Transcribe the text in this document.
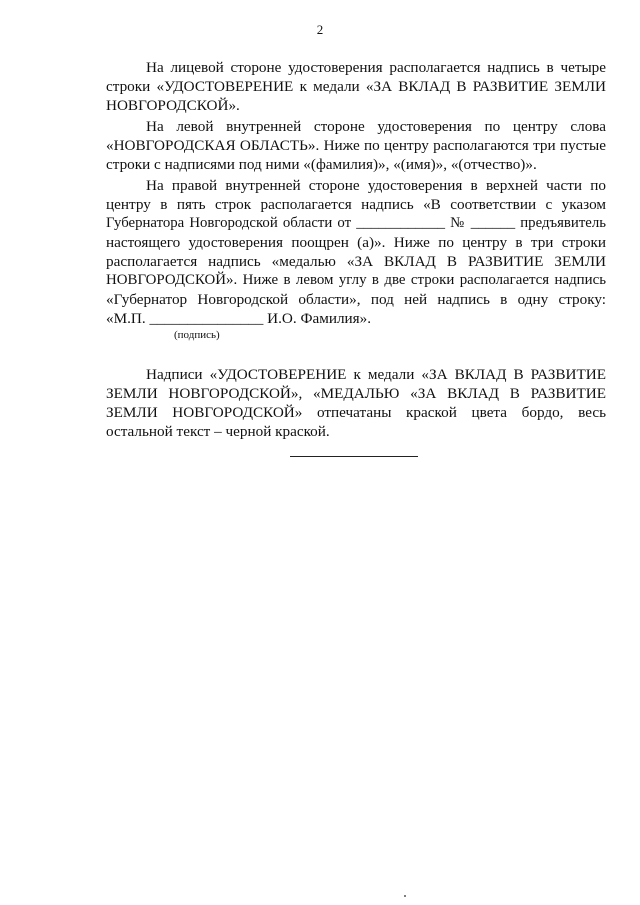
2
На лицевой стороне удостоверения располагается надпись в четыре
строки «УДОСТОВЕРЕНИЕ к медали «ЗА ВКЛАД В РАЗВИТИЕ ЗЕМЛИ
НОВГОРОДСКОЙ».
На левой внутренней стороне удостоверения по центру слова
«НОВГОРОДСКАЯ ОБЛАСТЬ». Ниже по центру располагаются три пустые
строки с надписями под ними «(фамилия)», «(имя)», «(отчество)».
На правой внутренней стороне удостоверения в верхней части по
центру в пять строк располагается надпись «В соответствии с указом
Губернатора Новгородской области от ____________ № ______ предъявитель
настоящего удостоверения поощрен (а)». Ниже по центру в три строки
располагается надпись «медалью «ЗА ВКЛАД В РАЗВИТИЕ ЗЕМЛИ
НОВГОРОДСКОЙ». Ниже в левом углу в две строки располагается надпись
«Губернатор Новгородской области», под ней надпись в одну строку:
«М.П. _______________ И.О. Фамилия».
(подпись)
Надписи «УДОСТОВЕРЕНИЕ к медали «ЗА ВКЛАД В РАЗВИТИЕ
ЗЕМЛИ НОВГОРОДСКОЙ», «МЕДАЛЬЮ «ЗА ВКЛАД В РАЗВИТИЕ
ЗЕМЛИ НОВГОРОДСКОЙ» отпечатаны краской цвета бордо, весь
остальной текст – черной краской.
